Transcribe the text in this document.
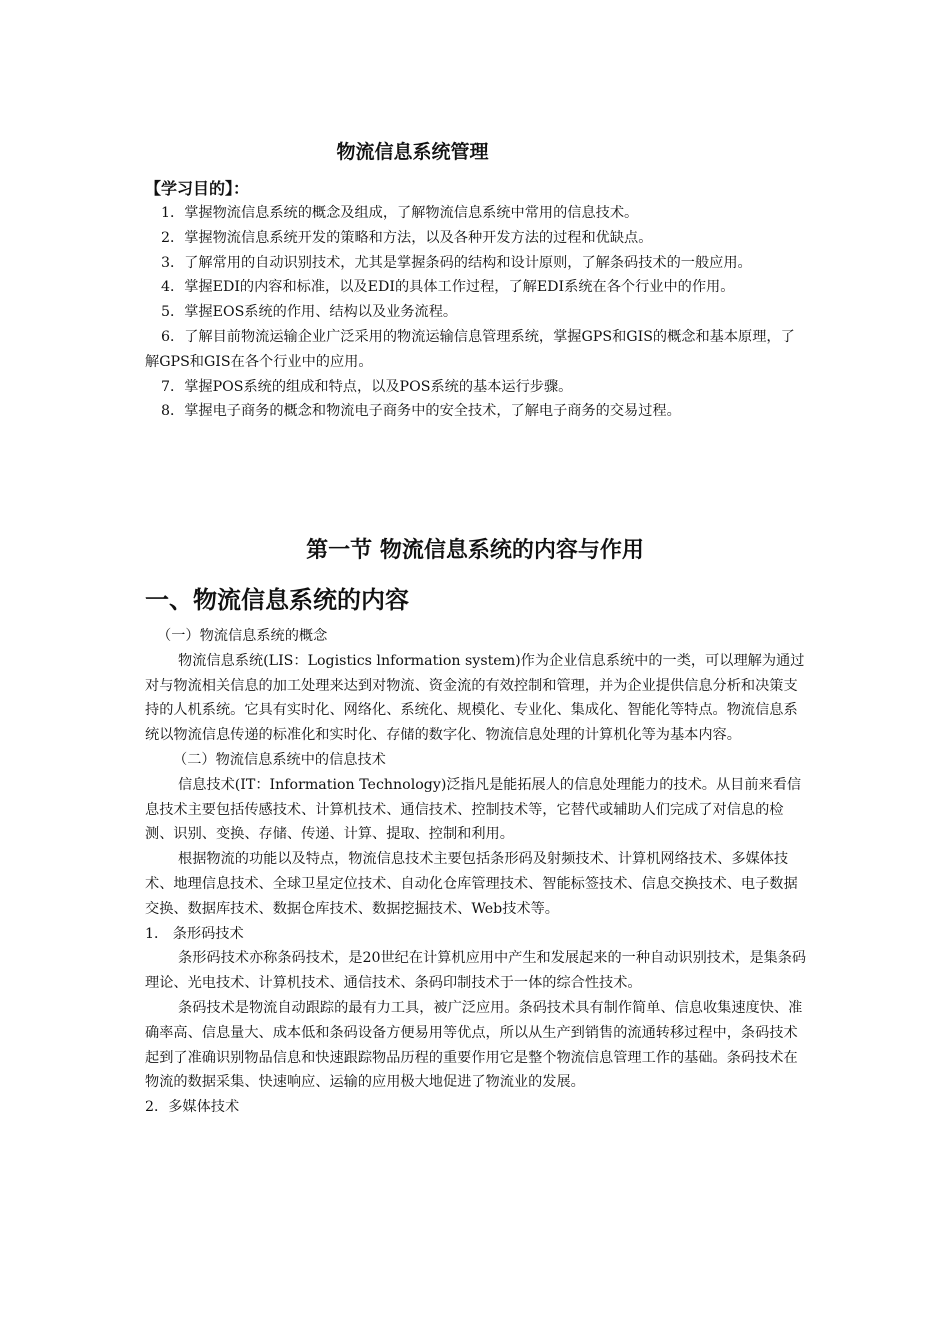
物流信息系统管理
【学习目的】：
1．掌握物流信息系统的概念及组成，了解物流信息系统中常用的信息技术。
2．掌握物流信息系统开发的策略和方法，以及各种开发方法的过程和优缺点。
3．了解常用的自动识别技术，尤其是掌握条码的结构和设计原则，了解条码技术的一般应用。
4．掌握EDI的内容和标准，以及EDI的具体工作过程，了解EDI系统在各个行业中的作用。
5．掌握EOS系统的作用、结构以及业务流程。
6．了解目前物流运输企业广泛采用的物流运输信息管理系统，掌握GPS和GIS的概念和基本原理，了解GPS和GIS在各个行业中的应用。
7．掌握POS系统的组成和特点，以及POS系统的基本运行步骤。
8．掌握电子商务的概念和物流电子商务中的安全技术，了解电子商务的交易过程。
第一节 物流信息系统的内容与作用
一、物流信息系统的内容

（一）物流信息系统的概念

物流信息系统(LIS：Logistics lnformation system)作为企业信息系统中的一类，可以理解为通过对与物流相关信息的加工处理来达到对物流、资金流的有效控制和管理，并为企业提供信息分析和决策支持的人机系统。它具有实时化、网络化、系统化、规模化、专业化、集成化、智能化等特点。物流信息系统以物流信息传递的标准化和实时化、存储的数字化、物流信息处理的计算机化等为基本内容。

（二）物流信息系统中的信息技术

信息技术(IT：Information Technology)泛指凡是能拓展人的信息处理能力的技术。从目前来看信息技术主要包括传感技术、计算机技术、通信技术、控制技术等，它替代或辅助人们完成了对信息的检测、识别、变换、存储、传递、计算、提取、控制和利用。

根据物流的功能以及特点，物流信息技术主要包括条形码及射频技术、计算机网络技术、多媒体技术、地理信息技术、全球卫星定位技术、自动化仓库管理技术、智能标签技术、信息交换技术、电子数据交换、数据库技术、数据仓库技术、数据挖掘技术、Web技术等。

1． 条形码技术

条形码技术亦称条码技术，是20世纪在计算机应用中产生和发展起来的一种自动识别技术，是集条码理论、光电技术、计算机技术、通信技术、条码印制技术于一体的综合性技术。

条码技术是物流自动跟踪的最有力工具，被广泛应用。条码技术具有制作简单、信息收集速度快、准确率高、信息量大、成本低和条码设备方便易用等优点，所以从生产到销售的流通转移过程中，条码技术起到了准确识别物品信息和快速跟踪物品历程的重要作用它是整个物流信息管理工作的基础。条码技术在物流的数据采集、快速响应、运输的应用极大地促进了物流业的发展。

2．多媒体技术
